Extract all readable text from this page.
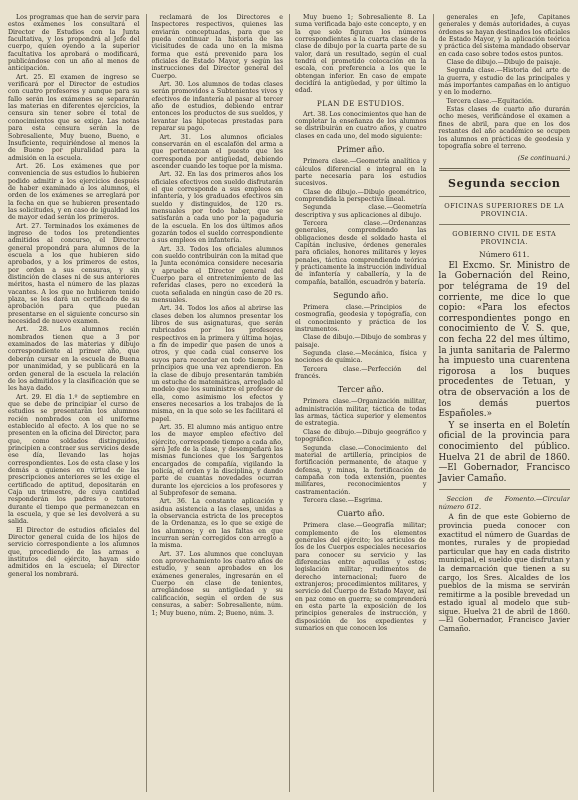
Los programas que han de servir para estos exámenes los consultará el Director de Estudios con la Junta facultativa, y los propondrá al Jefe del cuerpo, quien oyendo a la superior facultativa los aprobará o modificará, publicándose con un año al menos de anticipación.

Art. 25. El examen de ingreso se verificará por el Director de estudios con cuatro profesores y aunque para su fallo serán los exámenes se separarán las materias en diferentes ejercicios, la censura sin tener sobre el total de conocimientos que se exige. Las notas para esta censura serán la de Sobresaliente, Muy bueno, Bueno, e Insuficiente, requiriéndose al menos la de Bueno por pluralidad para la admisión en la escuela.

Art. 26. Los exámenes que por conveniencia de sus estudios lo hubieren podido admitir a los ejercicios después de haber examinado a los alumnos, el orden de los exámenes se arreglará por la fecha en que se hubieren presentado las solicitudes, y en caso de igualdad los de mayor edad serán los primeros.

Art. 27. Terminados los exámenes de ingreso de todos los pretendientes admitidos al concurso, el Director general propondrá para alumnos de la escuela a los que hubieren sido aprobados, y a los primeros de estos, por orden a sus censuras, y sin distinción de clases ni de sus anteriores méritos, hasta el número de las plazas vacantes. A los que no hubieren tenido plaza, se les dará un certificado de su aprobación para que puedan presentarse en el siguiente concurso sin necesidad de nuevo examen.

Art. 28. Los alumnos recién nombrados tienen que a 3 por examinados de las materias y dibujo correspondiente al primer año, que deberán cursar en la escuela de Buena por unanimidad, y se publicará en la orden general de la escuela la relación de los admitidos y la clasificación que se les haya dado.

Art. 29. El día 1.º de septiembre en que se debe de principiar el curso de estudios se presentarán los alumnos recién nombrados con el uniforme establecido al efecto. A los que no se presenten en la oficina del Director, para que, como soldados distinguidos, principien a contraer sus servicios desde ese día, llevando las hojas correspondientes. Los de esta clase y los demás a quienes en virtud de las prescripciones anteriores se les exige el certificado de aptitud, depositarán en Caja un trimestre, de cuya cantidad responderán los padres o tutores durante el tiempo que permanezcan en la escuela, y que se les devolverá a su salida.

El Director de estudios oficiales del Director general cuida de los hijos de servicio correspondiente a los alumnos que, procediendo de las armas e institutos del ejército, hayan sido admitidos en la escuela; el Director general los nombrará.

reclamará de los Directores e Inspectores respectivos, quienes las enviarán conceptuadas, para que se pueda continuar la historia de las vicisitudes de cada uno en la misma forma que está prevenido para los oficiales de Estado Mayor, y según las instrucciones del Director general del Cuerpo.

Art. 30. Los alumnos de todas clases serán promovidos a Subtenientes vivos y efectivos de infantería al pasar al tercer año de estudios, debiendo entrar entonces los productos de sus sueldos, y levantar las hipotecas prestadas para reparar su pago.

Art. 31. Los alumnos oficiales conservarán en el escalafón del arma a que pertenezcan el puesto que les corresponda por antigüedad, debiendo ascender cuando les toque por la misma.

Art. 32. En las dos primeros años los oficiales efectivos con sueldo disfrutarán el que corresponde a sus empleos en infantería, y los graduados efectivos sin sueldo y distinguidos, de 120 rs. mensuales por todo haber, que se satisfarán a cada uno por la pagaduría de la escuela. En los dos últimos años gozarán todos el sueldo correspondiente a sus empleos en infantería.

Art. 33. Todos los oficiales alumnos con sueldo contribuirán con la mitad que la Junta económica considere necesaria y apruebe el Director general del Cuerpo para el entretenimiento de las referidas clases, pero no excederá la cuota señalada en ningún caso de 20 rs. mensuales.

Art. 34. Todos los años al abrirse las clases deben los alumnos presentar los libros de sus asignaturas, que serán rubricados por los profesores respectivos en la primera y última hojas, a fin de impedir que pasen de unos a otros, y que cada cual conserve los suyos para recordar en todo tiempo los principios que una vez aprendieron. En la clase de dibujo presentarán también un estuche de matemáticas, arreglado al modelo que los suministre el profesor de ella, como asimismo los efectos y enseres necesarios a los trabajos de la misma, en la que solo se les facilitará el papel.

Art. 35. El alumno más antiguo entre los de mayor empleo efectivo del ejército, corresponde tiempo a cada año, será Jefe de la clase, y desempeñará las mismas funciones que los Sargentos encargados de compañía, vigilando la policía, el orden y la disciplina, y dando parte de cuantas novedades ocurran durante los ejercicios a los profesores y al Subprofesor de semana.

Art. 36. La constante aplicación y asidua asistencia a las clases, unidas a la observancia estricta de los preceptos de la Ordenanza, es lo que se exige de los alumnos; y en las faltas en que incurran serán corregidos con arreglo a la misma.

Art. 37. Los alumnos que concluyan con aprovechamiento los cuatro años de estudio, y sean aprobados en los exámenes generales, ingresarán en el Cuerpo en clase de tenientes, arreglándose su antigüedad y su calificación, según el orden de sus censuras, a saber: Sobresaliente, núm. 1; Muy bueno, núm. 2; Bueno, núm. 3.

Muy bueno 1; Sobresaliente 8. La suma verificada bajo este concepto, y en la que solo figuran los números correspondientes a la cuarta clase de la clase de dibujo por la cuarta parte de su valor, dará un resultado, según el cual tendrá el prometido colocación en la escala, con preferencia a los que le obtengan inferior. En caso de empate decidirá la antigüedad, y por último la edad.

PLAN DE ESTUDIOS.

Art. 38. Los conocimientos que han de completar la enseñanza de los alumnos se distribuirán en cuatro años, y cuatro clases en cada uno, del modo siguiente:

Primer año.

Primera clase.—Geometría analítica y cálculos diferencial e integral en la parte necesaria para los estudios sucesivos.

Clase de dibujo.—Dibujo geométrico, comprendida la perspectiva lineal.

Segunda clase.—Geometría descriptiva y sus aplicaciones al dibujo.

Tercera clase.—Ordenanzas generales, comprendiendo las obligaciones desde el soldado hasta el Capitán inclusive, órdenes generales para oficiales, honores militares y leyes penales, táctica comprendiendo teórica y prácticamente la instrucción individual de infantería y caballería, y la de compañía, batallón, escuadrón y batería.

Segundo año.

Primera clase.—Principios de cosmografía, geodesia y topografía, con el conocimiento y práctica de los instrumentos.

Clase de dibujo.—Dibujo de sombras y paisaje.

Segunda clase.—Mecánica, física y nociones de química.

Tercera clase.—Perfección del francés.

Tercer año.

Primera clase.—Organización militar, administración militar, táctica de todas las armas, táctica superior y elementos de estrategia.

Clase de dibujo.—Dibujo geográfico y topográfico.

Segunda clase.—Conocimiento del material de artillería, principios de fortificación permanente, de ataque y defensa, y minas, la fortificación de campaña con toda extensión, puentes militares, reconocimientos y castramentación.

Tercera clase.—Esgrima.

Cuarto año.

Primera clase.—Geografía militar; complemento de los elementos generales del ejército; los artículos de los de los Cuerpos especiales necesarios para conocer su servicio y las diferencias entre aquellas y estos; legislación militar; rudimentos de derecho internacional; fuero de extranjeros; procedimientos militares, y servicio del Cuerpo de Estado Mayor, así en paz como en guerra; se comprenderá en esta parte la exposición de los principios generales de instrucción, y disposición de los expedientes y sumarios en que conocen los

generales en Jefe, Capitanes generales y demás autoridades, a cuyas órdenes se hayan destinados los oficiales de Estado Mayor, y la aplicación teórica y práctica del sistema mandado observar en cada caso sobre todos estos puntos.

Clase de dibujo.—Dibujo de paisaje.

Segunda clase.—Historia del arte de la guerra, y estudio de las principales y más importantes campañas en lo antiguo y en lo moderno.

Tercera clase.—Equitación.

Estas clases de cuarto año durarán ocho meses, verificándose el examen a fines de abril, para que en los dos restantes del año académico se ocupen los alumnos en prácticas de geodesia y topografía sobre el terreno.

(Se continuará.)
Segunda seccion
OFICINAS SUPERIORES DE LA PROVINCIA.
GOBIERNO CIVIL DE ESTA PROVINCIA.
Número 611.

El Excmo. Sr. Ministro de la Gobernación del Reino, por telégrama de 19 del corriente, me dice lo que copio: «Para los efectos correspondientes pongo en conocimiento de V. S. que, con fecha 22 del mes último, la junta sanitaria de Palermo ha impuesto una cuarentena rigorosa a los buques procedentes de Tetuan, y otra de observación a los de los demás puertos Españoles.»

Y se inserta en el Boletín oficial de la provincia para conocimiento del público. Huelva 21 de abril de 1860.—El Gobernador, Francisco Javier Camaño.

Seccion de Fomento.—Circular número 612.

A fin de que este Gobierno de provincia pueda conocer con exactitud el número de Guardas de montes, rurales y de propiedad particular que hay en cada distrito municipal, el sueldo que disfrutan y la demarcación que tienen a su cargo, los Sres. Alcaldes de los pueblos de la misma se servirán remitirme a la posible brevedad un estado igual al modelo que sub-sigue. Huelva 21 de abril de 1860.—El Gobernador, Francisco Javier Camaño.
